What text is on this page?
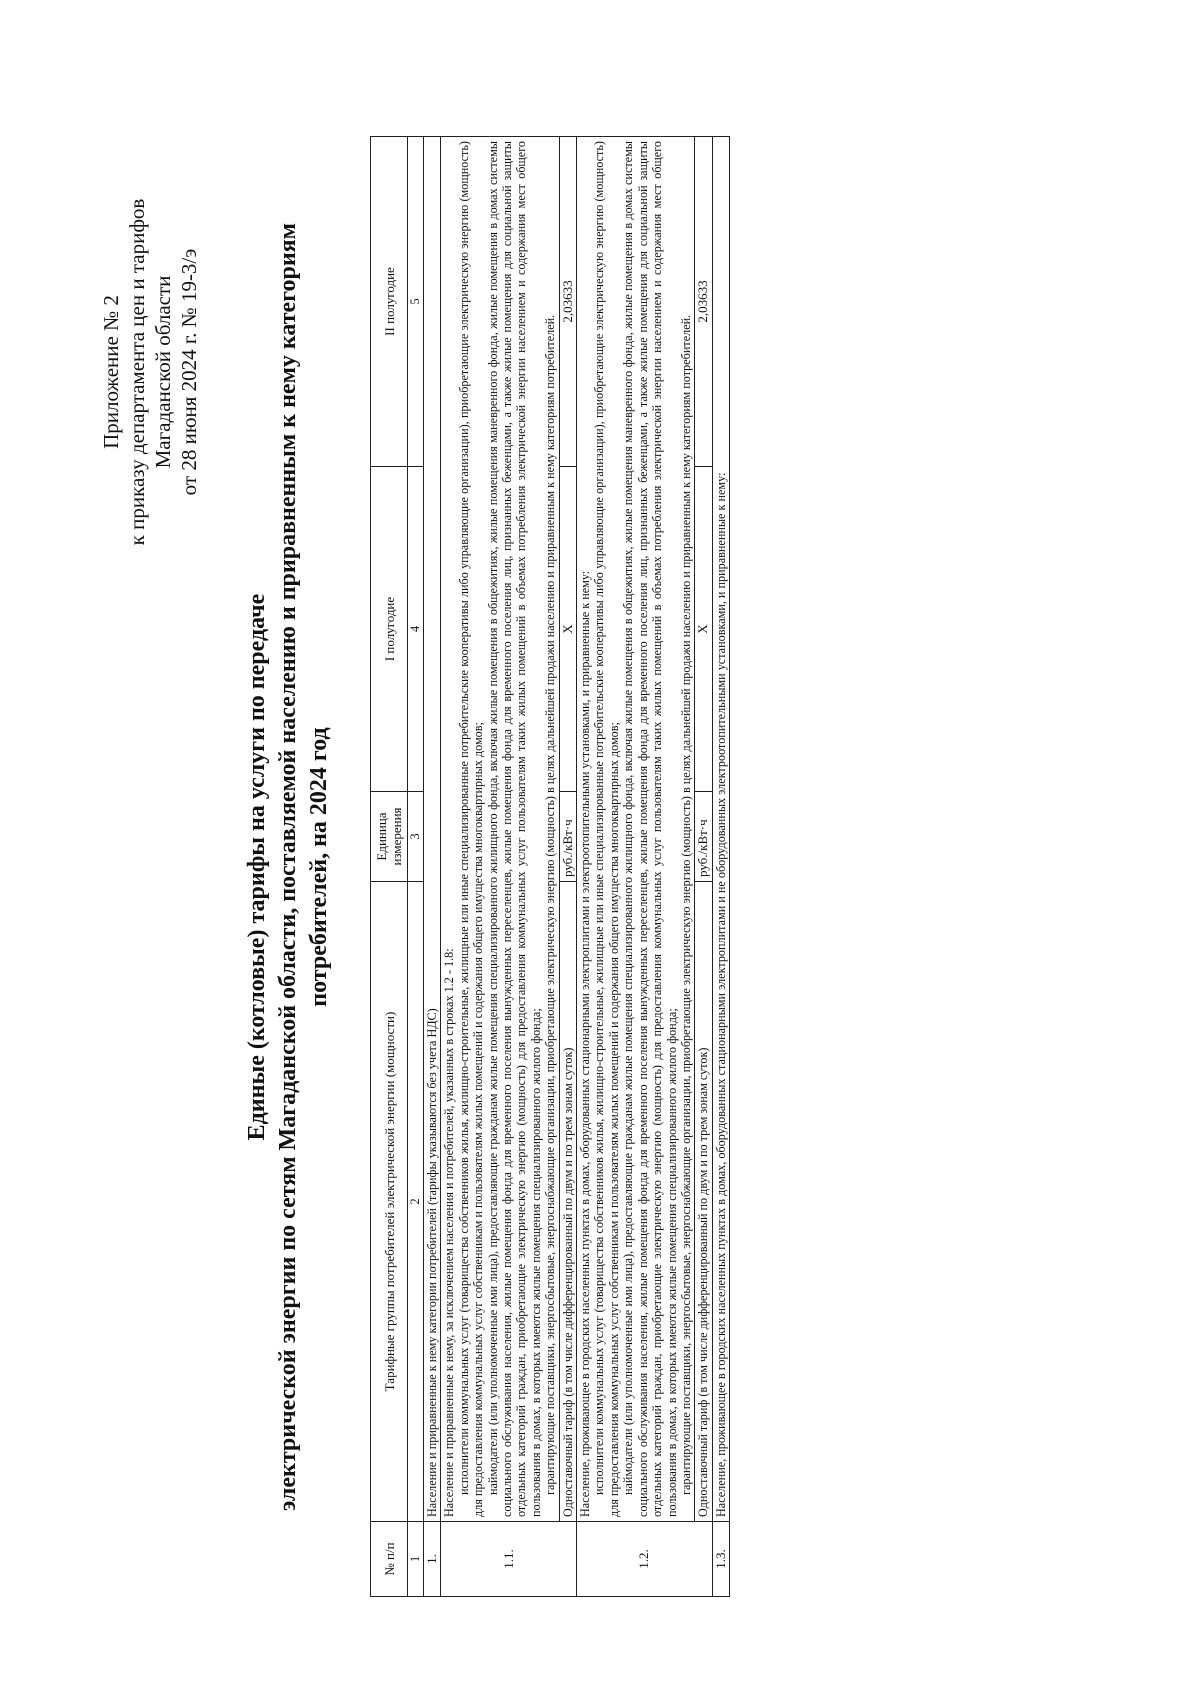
Приложение № 2 к приказу департамента цен и тарифов Магаданской области от 28 июня 2024 г. № 19-3/э
Единые (котловые) тарифы на услуги по передаче электрической энергии по сетям Магаданской области, поставляемой населению и приравненным к нему категориям потребителей, на 2024 год
№ п/п	Тарифные группы потребителей электрической энергии (мощности)	Единица измерения	I полугодие	II полугодие
1	2	3	4	5
1.	Население и приравненные к нему категории потребителей (тарифы указываются без учета НДС)			
1.1.	Население и приравненные к нему, за исключением населения и потребителей, указанных в строках 1.2 - 1.8: исполнители коммунальных услуг (товарищества собственников жилья, жилищно-строительные, жилищные или иные специализированные потребительские кооперативы либо управляющие организации), приобретающие электрическую энергию (мощность) для предоставления коммунальных услуг собственникам и пользователям жилых помещений и содержания общего имущества многоквартирных домов; наймодатели (или уполномоченные ими лица), предоставляющие гражданам жилые помещения специализированного жилищного фонда, включая жилые помещения в общежитиях, жилые помещения маневренного фонда, жилые помещения в домах системы социального обслуживания населения, жилые помещения фонда для временного поселения вынужденных переселенцев, жилые помещения фонда для временного поселения лиц, признанных беженцами, а также жилые помещения для социальной защиты отдельных категорий граждан, приобретающие электрическую энергию (мощность) для предоставления коммунальных услуг пользователям таких жилых помещений в объемах потребления электрической энергии населением и содержания мест общего пользования в домах, в которых имеются жилые помещения специализированного жилого фонда; гарантирующие поставщики, энергосбытовые, энергоснабжающие организации, приобретающие электрическую энергию (мощность) в целях дальнейшей продажи населению и приравненным к нему категориям потребителей.			

	Одноставочный тариф (в том числе дифференцированный по двум и по трем зонам суток)	руб./кВт·ч	Х	2,03633
1.2.	Население, проживающее в городских населенных пунктах в домах, оборудованных стационарными электроплитами и электроотопительными установками, и приравненные к нему: исполнители коммунальных услуг (товарищества собственников жилья, жилищно-строительные, жилищные или иные специализированные потребительские кооперативы либо управляющие организации), приобретающие электрическую энергию (мощность) для предоставления коммунальных услуг собственникам и пользователям жилых помещений и содержания общего имущества многоквартирных домов; наймодатели (или уполномоченные ими лица), предоставляющие гражданам жилые помещения специализированного жилищного фонда, включая жилые помещения в общежитиях, жилые помещения маневренного фонда, жилые помещения в домах системы социального обслуживания населения, жилые помещения фонда для временного поселения вынужденных переселенцев, жилые помещения фонда для временного поселения лиц, признанных беженцами, а также жилые помещения для социальной защиты отдельных категорий граждан, приобретающие электрическую энергию (мощность) для предоставления коммунальных услуг пользователям таких жилых помещений в объемах потребления электрической энергии населением и содержания мест общего пользования в домах, в которых имеются жилые помещения специализированного жилого фонда; гарантирующие поставщики, энергосбытовые, энергоснабжающие организации, приобретающие электрическую энергию (мощность) в целях дальнейшей продажи населению и приравненным к нему категориям потребителей.			

	Одноставочный тариф (в том числе дифференцированный по двум и по трем зонам суток)	руб./кВт·ч	Х	2,03633
1.3.	Население, проживающее в городских населенных пунктах в домах, оборудованных стационарными электроплитами и не оборудованных электроотопительными установками, и приравненные к нему:			
